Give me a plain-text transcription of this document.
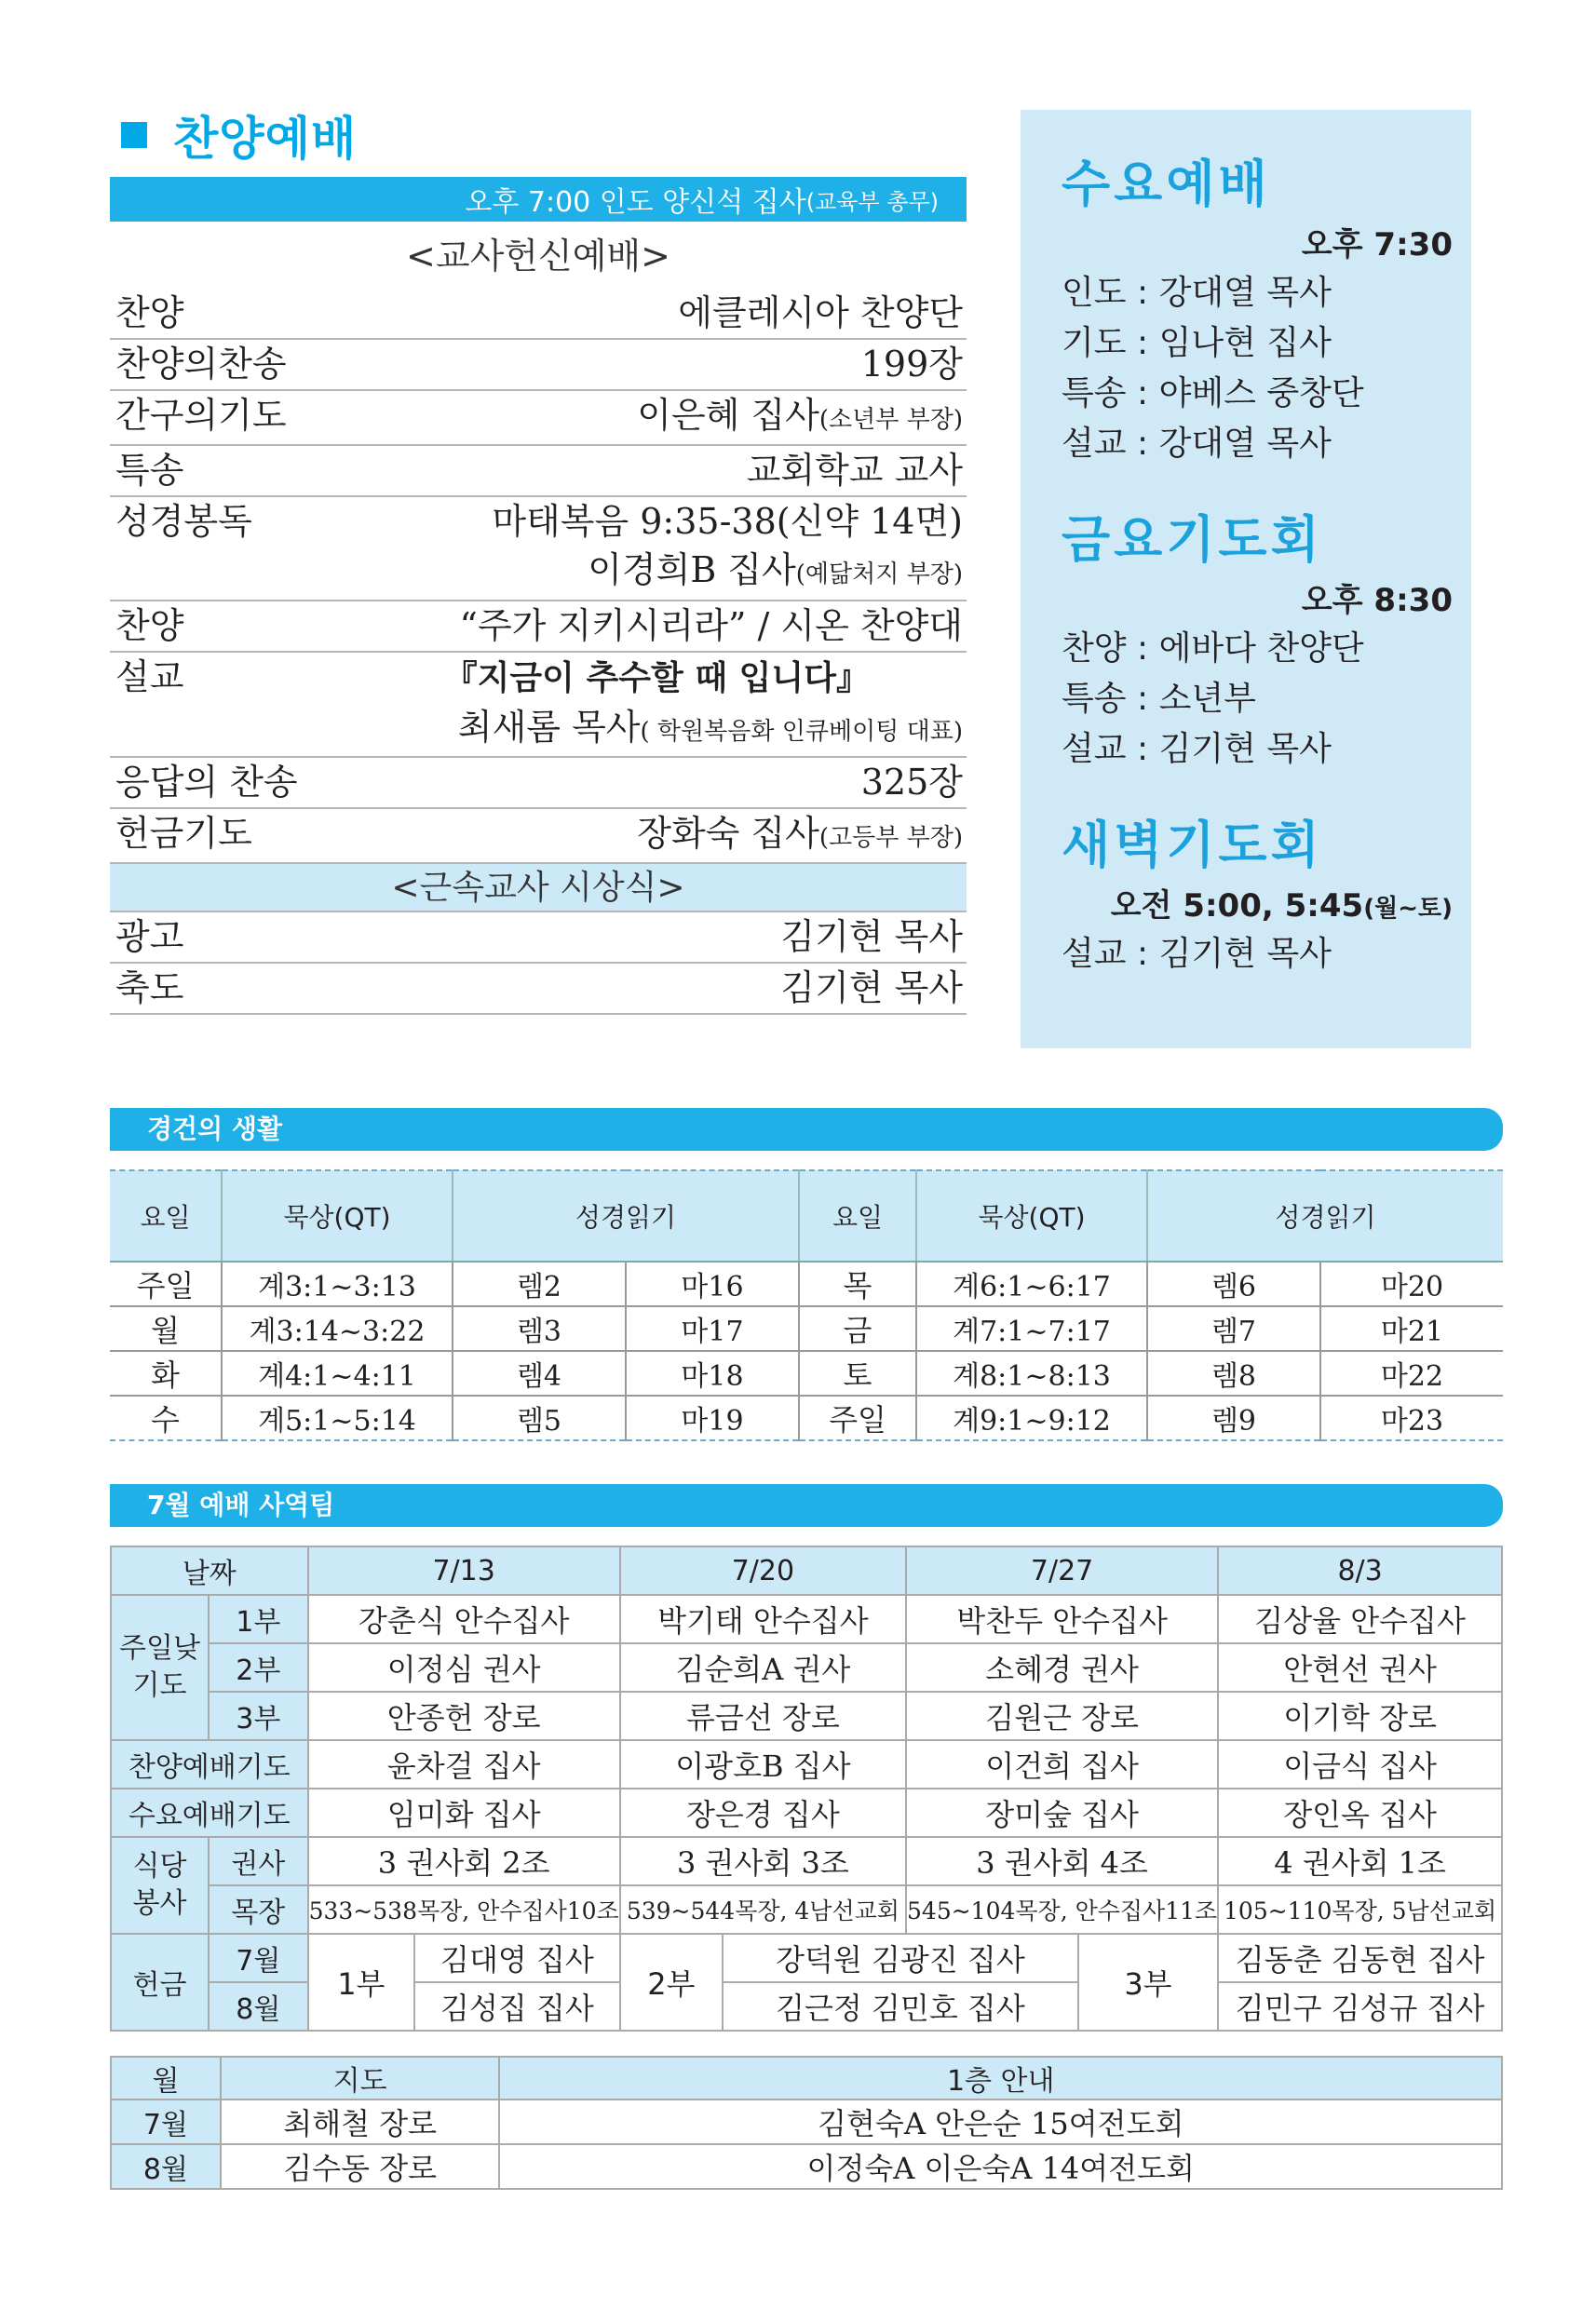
찬양예배
오후 7:00 인도 양신석 집사 (교육부 총무)
<교사헌신예배>
찬양	에클레시아 찬양단
찬양의찬송	199장
간구의기도	이은혜 집사(소년부 부장)
특송	교회학교 교사
성경봉독	마태복음 9:35-38(신약 14면)
이경희B 집사(예닮처지 부장)
찬양	“주가 지키시리라” / 시온 찬양대
설교	『지금이 추수할 때 입니다』
최새롬 목사( 학원복음화 인큐베이팅 대표)
응답의 찬송	325장
헌금기도	장화숙 집사(고등부 부장)
<근속교사 시상식>
광고	김기현 목사
축도	김기현 목사
수요예배
오후 7:30
인도 : 강대열 목사
기도 : 임나현 집사
특송 : 야베스 중창단
설교 : 강대열 목사
금요기도회
오후 8:30
찬양 : 에바다 찬양단
특송 : 소년부
설교 : 김기현 목사
새벽기도회
오전 5:00, 5:45(월~토)
설교 : 김기현 목사
경건의 생활
요일	묵상(QT)	성경읽기		요일	묵상(QT)	성경읽기	
주일	계3:1~3:13	렘2	마16	목	계6:1~6:17	렘6	마20
월	계3:14~3:22	렘3	마17	금	계7:1~7:17	렘7	마21
화	계4:1~4:11	렘4	마18	토	계8:1~8:13	렘8	마22
수	계5:1~5:14	렘5	마19	주일	계9:1~9:12	렘9	마23
7월 예배 사역팀
날짜		7/13		7/20		7/27		8/3
주일낮
기도	1부	강춘식 안수집사		박기태 안수집사		박찬두 안수집사		김상율 안수집사
	2부	이정심 권사		김순희A 권사		소혜경 권사		안현선 권사
	3부	안종헌 장로		류금선 장로		김원근 장로		이기학 장로
찬양예배기도		윤차걸 집사		이광호B 집사		이건희 집사		이금식 집사
수요예배기도		임미화 집사		장은경 집사		장미숲 집사		장인옥 집사
식당
봉사	권사	3 권사회 2조		3 권사회 3조		3 권사회 4조		4 권사회 1조
	목장	533~538목장, 안수집사10조		539~544목장, 4남선교회		545~104목장, 안수집사11조		105~110목장, 5남선교회
헌금	7월	1부	김대영 집사	2부	강덕원 김광진 집사		3부	김동춘 김동현 집사
	8월		김성집 집사		김근정 김민호 집사			김민구 김성규 집사
월	지도	1층 안내
7월	최해철 장로	김현숙A 안은순 15여전도회
8월	김수동 장로	이정숙A 이은숙A 14여전도회
